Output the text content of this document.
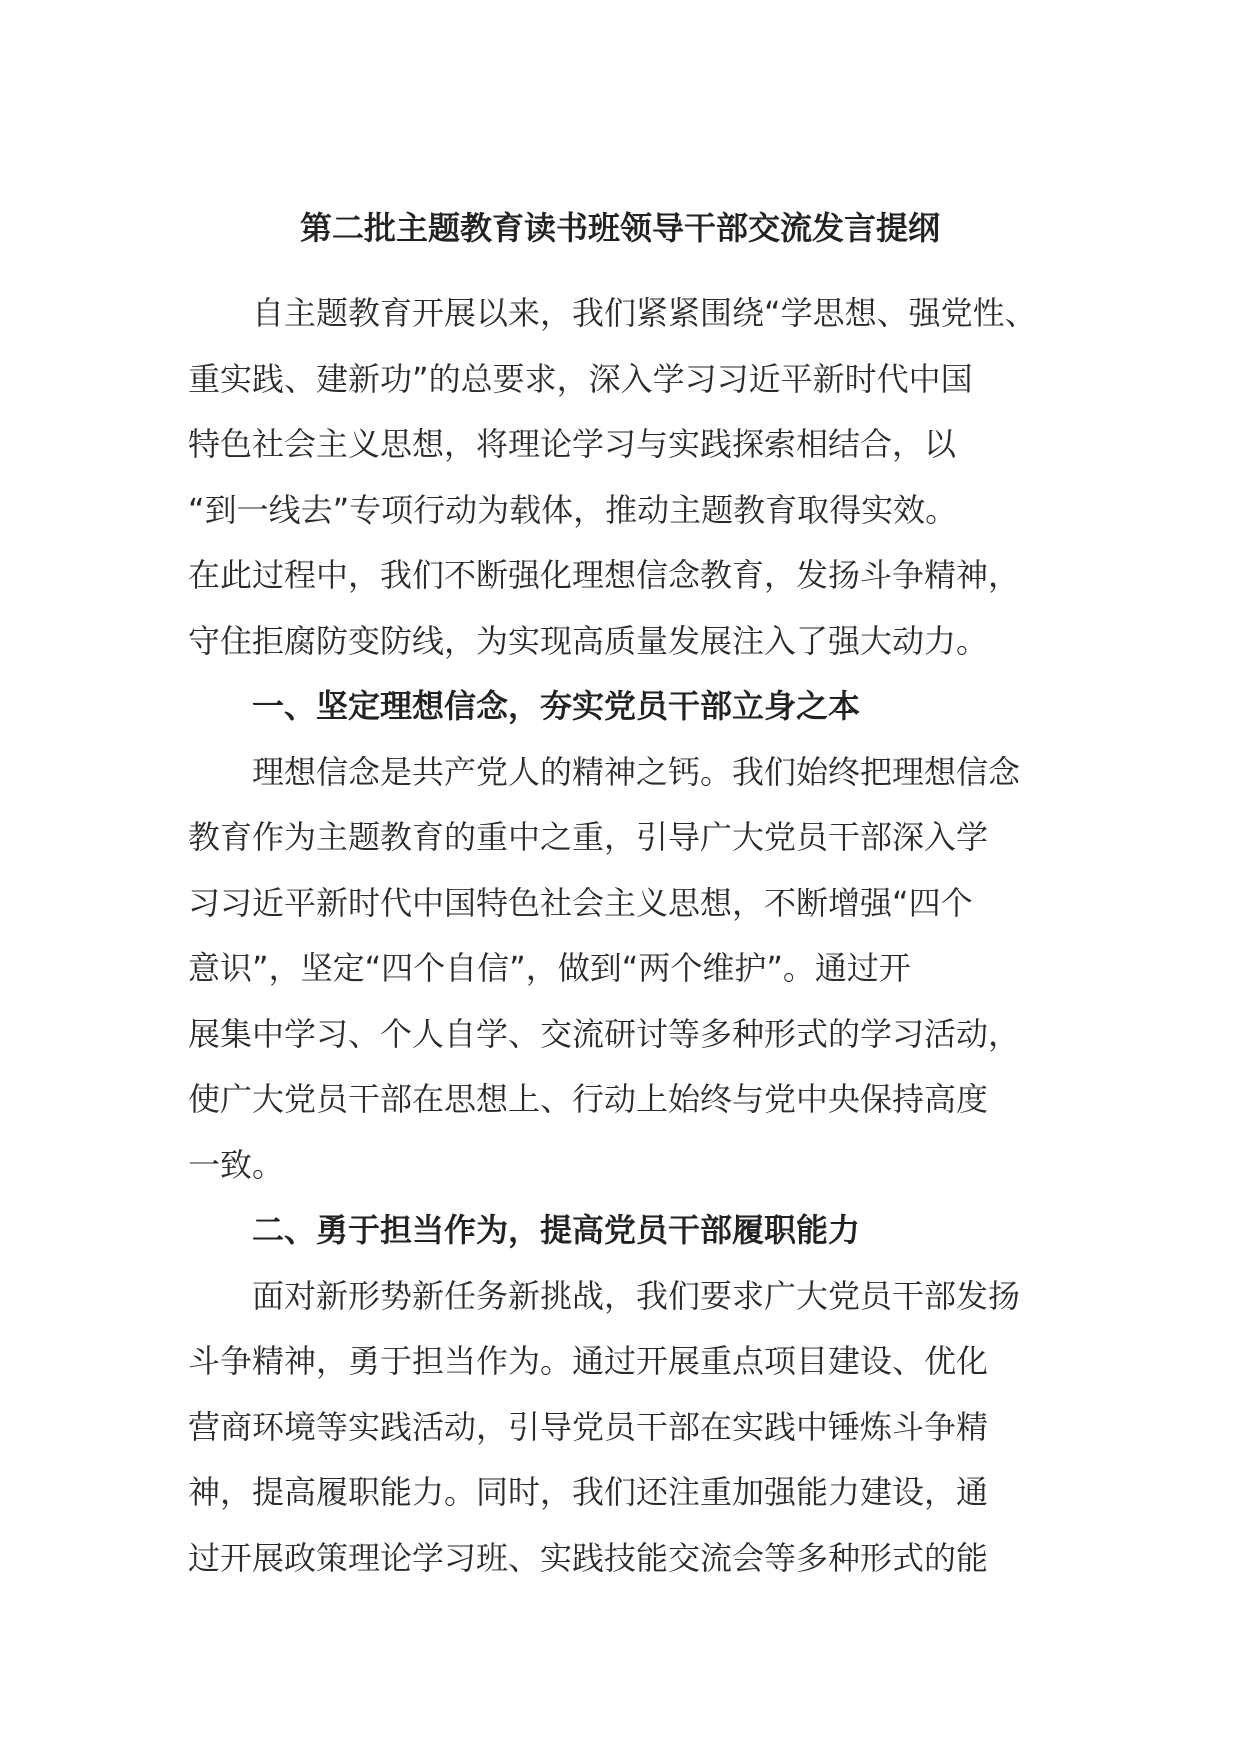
第二批主题教育读书班领导干部交流发言提纲

自主题教育开展以来，我们紧紧围绕“学思想、强党性、
重实践、建新功”的总要求，深入学习习近平新时代中国
特色社会主义思想，将理论学习与实践探索相结合，以
“到一线去”专项行动为载体，推动主题教育取得实效。
在此过程中，我们不断强化理想信念教育，发扬斗争精神，
守住拒腐防变防线，为实现高质量发展注入了强大动力。

一、坚定理想信念，夯实党员干部立身之本

理想信念是共产党人的精神之钙。我们始终把理想信念
教育作为主题教育的重中之重，引导广大党员干部深入学
习习近平新时代中国特色社会主义思想，不断增强“四个
意识”，坚定“四个自信”，做到“两个维护”。通过开
展集中学习、个人自学、交流研讨等多种形式的学习活动，
使广大党员干部在思想上、行动上始终与党中央保持高度
一致。

二、勇于担当作为，提高党员干部履职能力

面对新形势新任务新挑战，我们要求广大党员干部发扬
斗争精神，勇于担当作为。通过开展重点项目建设、优化
营商环境等实践活动，引导党员干部在实践中锤炼斗争精
神，提高履职能力。同时，我们还注重加强能力建设，通
过开展政策理论学习班、实践技能交流会等多种形式的能
